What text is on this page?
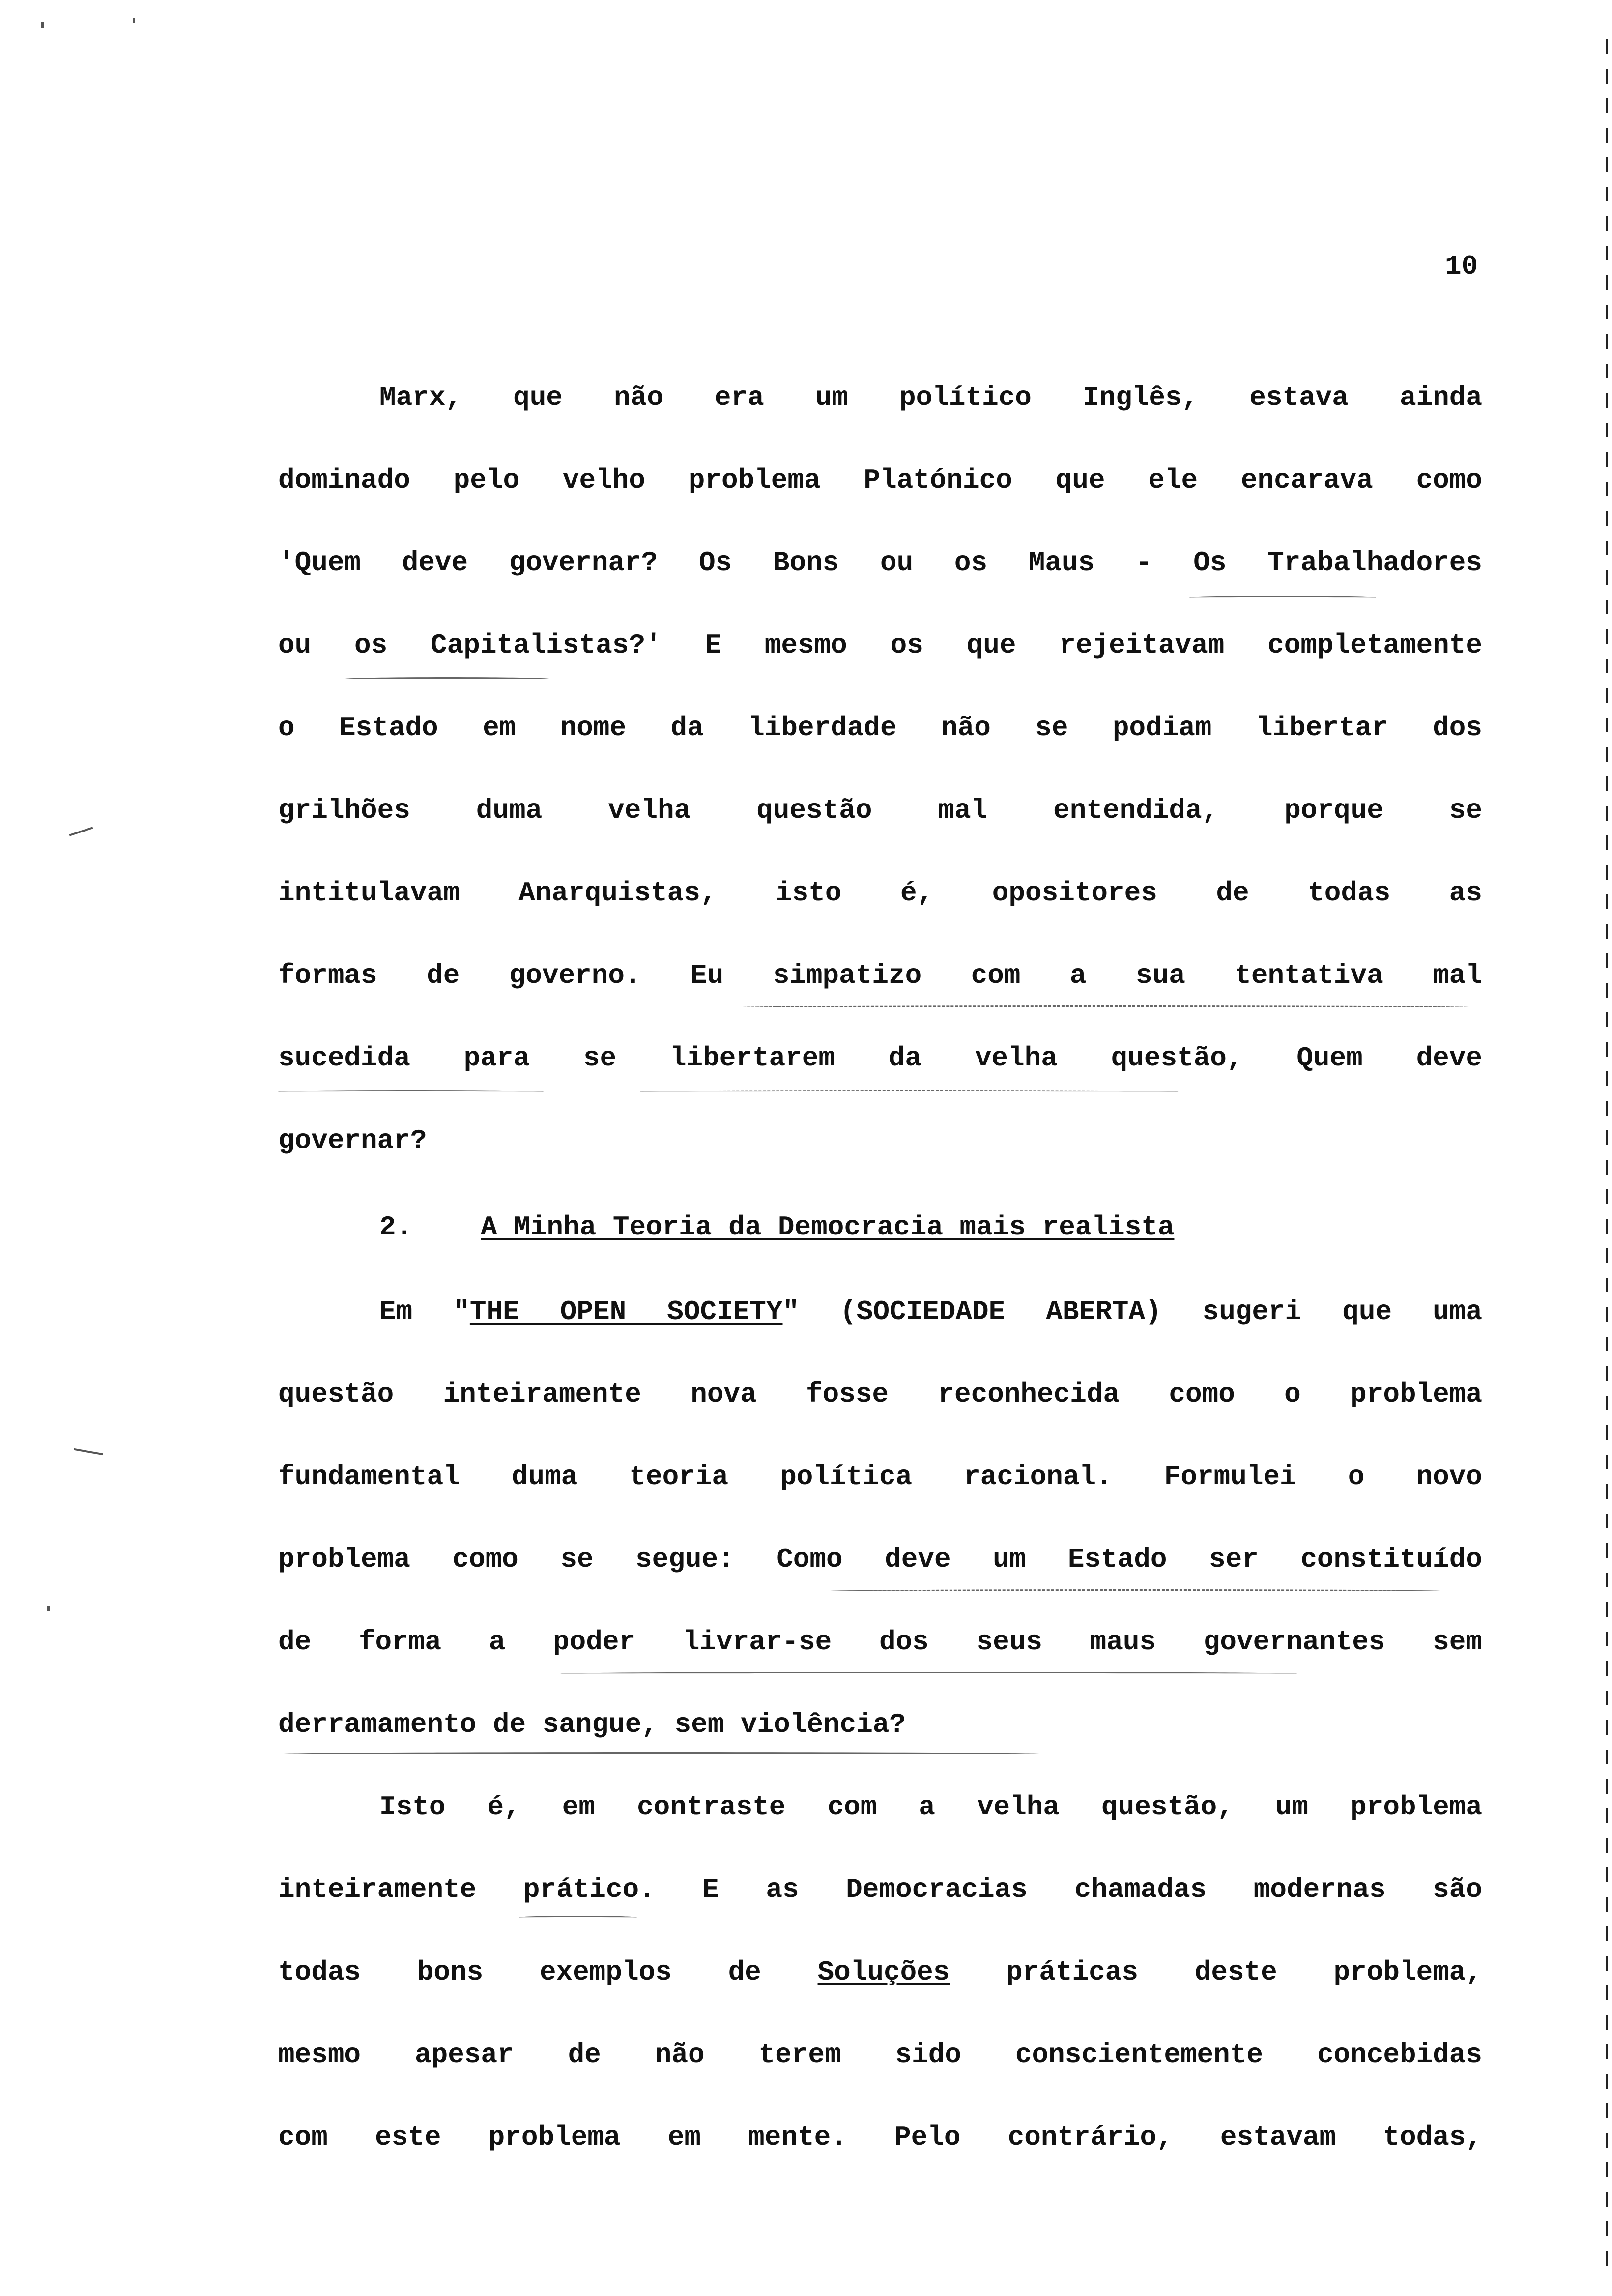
10
Marx, que não era um político Inglês, estava ainda
dominado pelo velho problema Platónico que ele encarava como
'Quem deve governar? Os Bons ou os Maus - Os Trabalhadores
ou os Capitalistas?' E mesmo os que rejeitavam completamente
o Estado em nome da liberdade não se podiam libertar dos
grilhões duma velha questão mal entendida, porque se
intitulavam Anarquistas, isto é, opositores de todas as
formas de governo. Eu simpatizo com a sua tentativa mal
sucedida para se libertarem da velha questão, Quem deve
governar?
2. A Minha Teoria da Democracia mais realista
Em "THE OPEN SOCIETY" (SOCIEDADE ABERTA) sugeri que uma
questão inteiramente nova fosse reconhecida como o problema
fundamental duma teoria política racional. Formulei o novo
problema como se segue: Como deve um Estado ser constituído
de forma a poder livrar-se dos seus maus governantes sem
derramamento de sangue, sem violência?
Isto é, em contraste com a velha questão, um problema
inteiramente prático. E as Democracias chamadas modernas são
todas bons exemplos de Soluções práticas deste problema,
mesmo apesar de não terem sido conscientemente concebidas
com este problema em mente. Pelo contrário, estavam todas,
